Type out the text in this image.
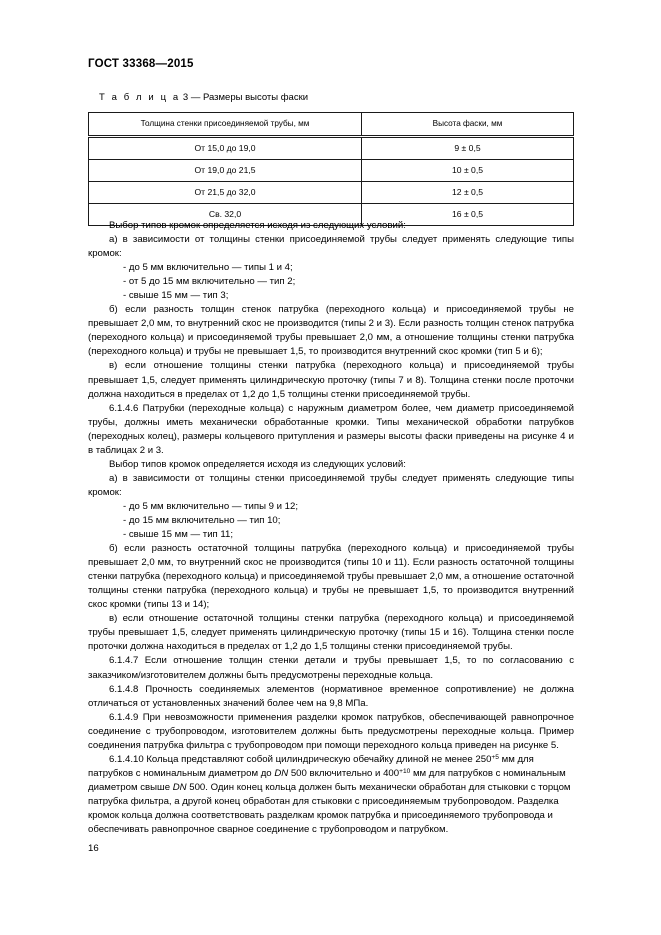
ГОСТ 33368—2015
Т а б л и ц а 3 — Размеры высоты фаски
Толщина стенки присоединяемой трубы, мм	Высота фаски, мм
От 15,0 до 19,0	9 ± 0,5
От 19,0 до 21,5	10 ± 0,5
От 21,5 до 32,0	12 ± 0,5
Св. 32,0	16 ± 0,5

Выбор типов кромок определяется исходя из следующих условий:

а) в зависимости от толщины стенки присоединяемой трубы следует применять следующие типы кромок:

- до 5 мм включительно — типы 1 и 4;

- от 5 до 15 мм включительно — тип 2;

- свыше 15 мм — тип 3;

б) если разность толщин стенок патрубка (переходного кольца) и присоединяемой трубы не превышает 2,0 мм, то внутренний скос не производится (типы 2 и 3). Если разность толщин стенок патрубка (переходного кольца) и присоединяемой трубы превышает 2,0 мм, а отношение толщины стенки патрубка (переходного кольца) и трубы не превышает 1,5, то производится внутренний скос кромки (тип 5 и 6);

в) если отношение толщины стенки патрубка (переходного кольца) и присоединяемой трубы превышает 1,5, следует применять цилиндрическую проточку (типы 7 и 8). Толщина стенки после проточки должна находиться в пределах от 1,2 до 1,5 толщины стенки присоединяемой трубы.

6.1.4.6 Патрубки (переходные кольца) с наружным диаметром более, чем диаметр присоединяемой трубы, должны иметь механически обработанные кромки. Типы механической обработки патрубков (переходных колец), размеры кольцевого притупления и размеры высоты фаски приведены на рисунке 4 и в таблицах 2 и 3.

Выбор типов кромок определяется исходя из следующих условий:

а) в зависимости от толщины стенки присоединяемой трубы следует применять следующие типы кромок:

- до 5 мм включительно — типы 9 и 12;

- до 15 мм включительно — тип 10;

- свыше 15 мм — тип 11;

б) если разность остаточной толщины патрубка (переходного кольца) и присоединяемой трубы превышает 2,0 мм, то внутренний скос не производится (типы 10 и 11). Если разность остаточной толщины стенки патрубка (переходного кольца) и присоединяемой трубы превышает 2,0 мм, а отношение остаточной толщины стенки патрубка (переходного кольца) и трубы не превышает 1,5, то производится внутренний скос кромки (типы 13 и 14);

в) если отношение остаточной толщины стенки патрубка (переходного кольца) и присоединяемой трубы превышает 1,5, следует применять цилиндрическую проточку (типы 15 и 16). Толщина стенки после проточки должна находиться в пределах от 1,2 до 1,5 толщины стенки присоединяемой трубы.

6.1.4.7 Если отношение толщин стенки детали и трубы превышает 1,5, то по согласованию с заказчиком/изготовителем должны быть предусмотрены переходные кольца.

6.1.4.8 Прочность соединяемых элементов (нормативное временное сопротивление) не должна отличаться от установленных значений более чем на 9,8 МПа.

6.1.4.9 При невозможности применения разделки кромок патрубков, обеспечивающей равнопрочное соединение с трубопроводом, изготовителем должны быть предусмотрены переходные кольца. Пример соединения патрубка фильтра с трубопроводом при помощи переходного кольца приведен на рисунке 5.

6.1.4.10 Кольца представляют собой цилиндрическую обечайку длиной не менее $250^{+5}$ мм для патрубков с номинальным диаметром до DN 500 включительно и $400^{+10}$ мм для патрубков с номинальным диаметром свыше DN 500. Один конец кольца должен быть механически обработан для стыковки с торцом патрубка фильтра, а другой конец обработан для стыковки с присоединяемым трубопроводом. Разделка кромок кольца должна соответствовать разделкам кромок патрубка и присоединяемого трубопровода и обеспечивать равнопрочное сварное соединение с трубопроводом и патрубком.

16
